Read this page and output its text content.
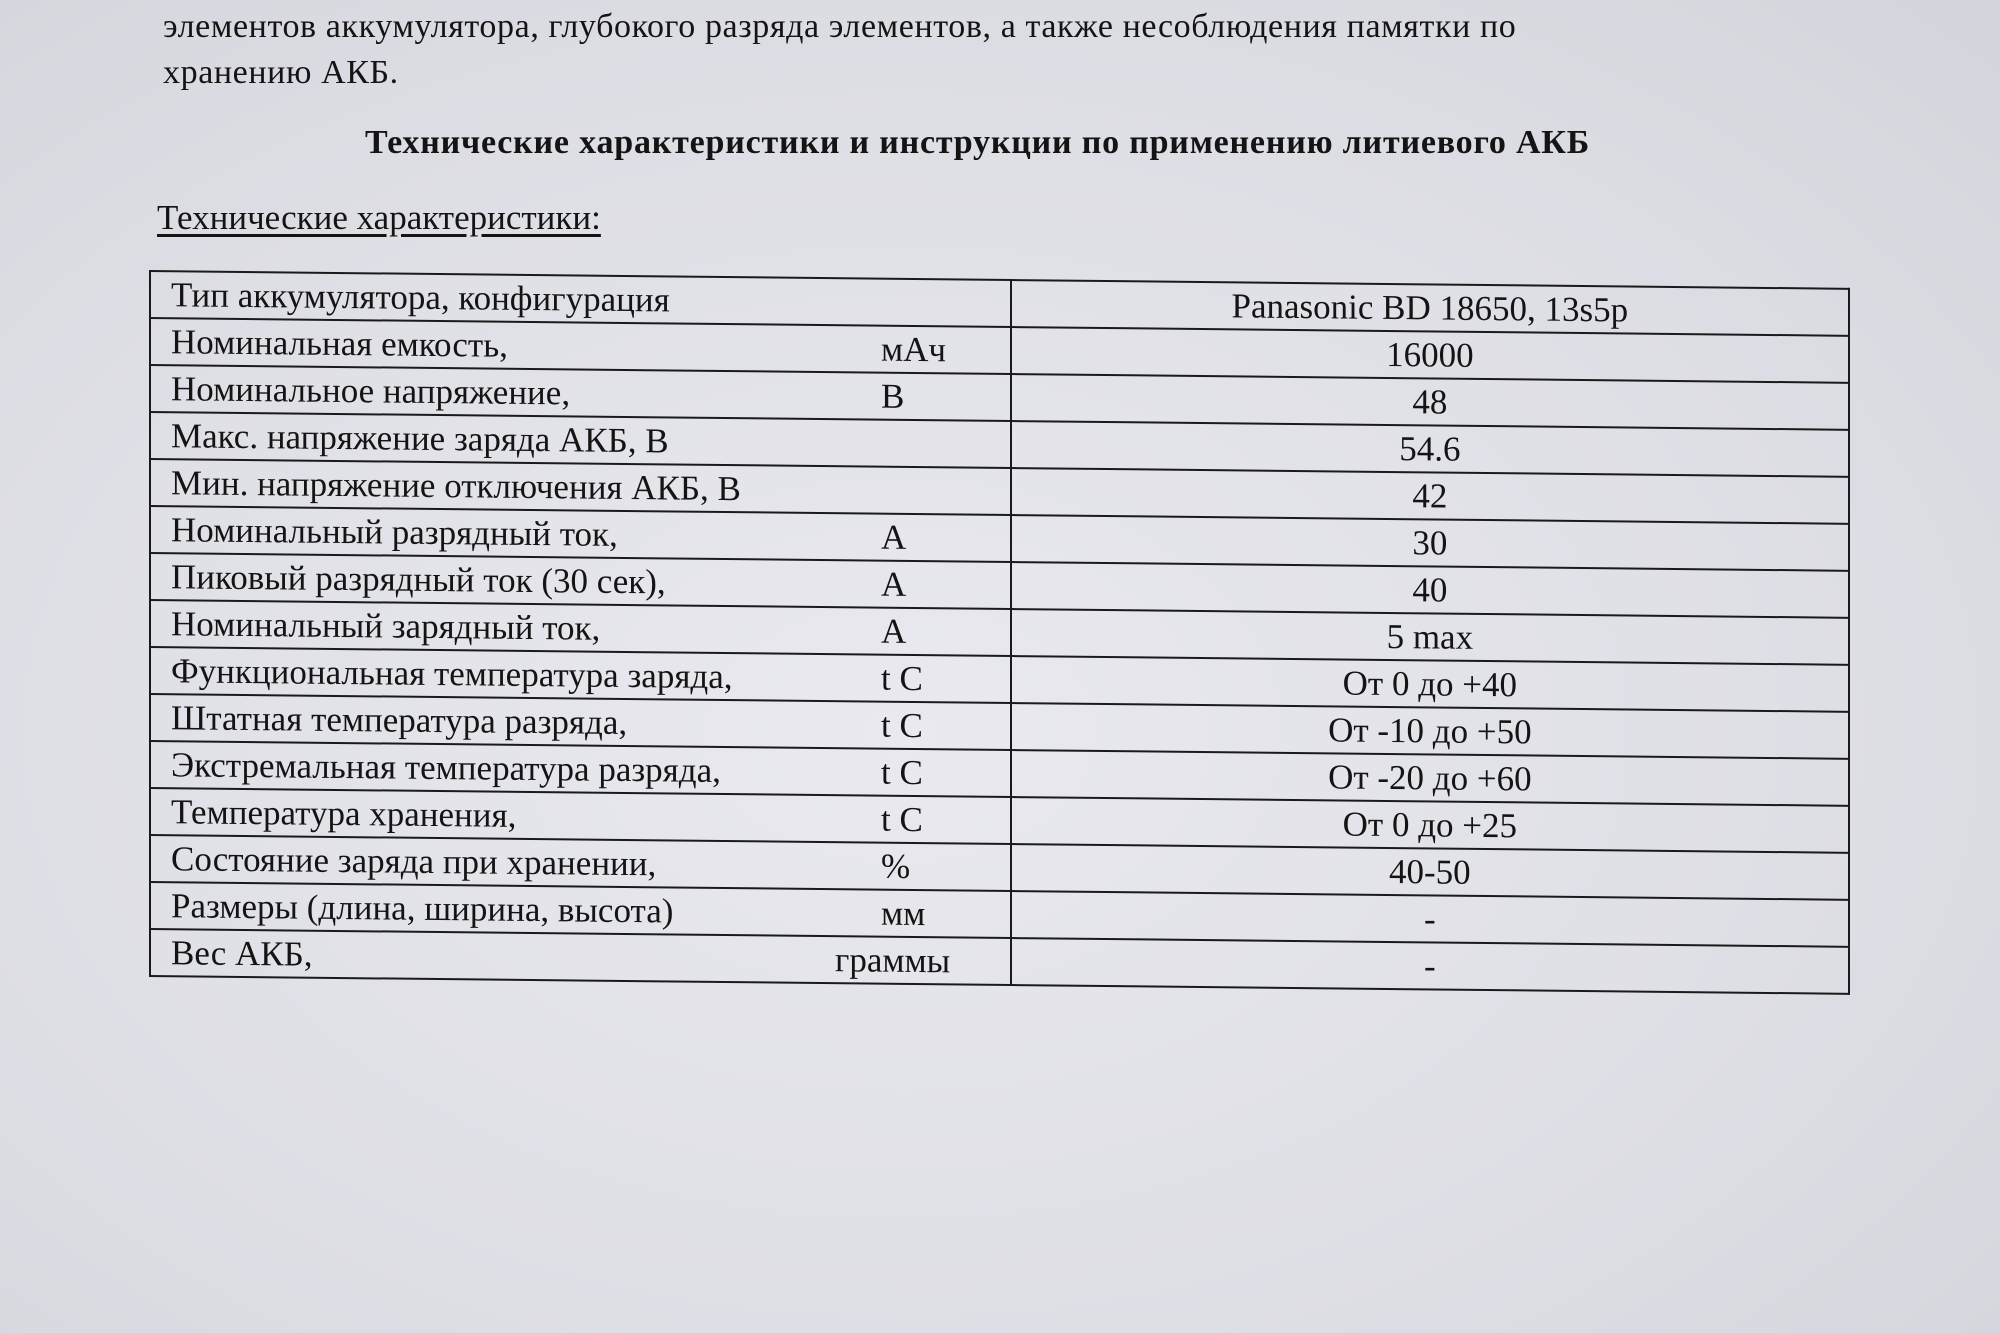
элементов аккумулятора, глубокого разряда элементов, а также несоблюдения памятки по
хранению АКБ.
Технические характеристики и инструкции по применению литиевого АКБ
Технические характеристики:
Тип аккумулятора, конфигурация	Panasonic BD 18650, 13s5p

Номинальная емкость, мАч	16000

Номинальное напряжение, В	48

Макс. напряжение заряда АКБ, В	54.6

Мин. напряжение отключения АКБ, В	42

Номинальный разрядный ток, А	30

Пиковый разрядный ток (30 сек), А	40

Номинальный зарядный ток, А	5 max

Функциональная температура заряда, t С	От 0 до +40

Штатная температура разряда, t С	От -10 до +50

Экстремальная температура разряда, t С	От -20 до +60

Температура хранения, t С	От 0 до +25

Состояние заряда при хранении, %	40-50

Размеры (длина, ширина, высота) мм	-

Вес АКБ, граммы	-
